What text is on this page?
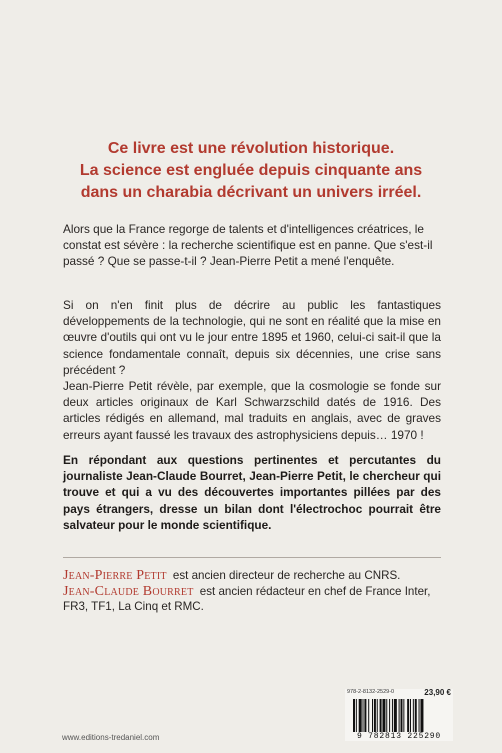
Ce livre est une révolution historique.
La science est engluée depuis cinquante ans
dans un charabia décrivant un univers irréel.

Alors que la France regorge de talents et d'intelligences créatrices, le constat est sévère : la recherche scientifique est en panne. Que s'est-il passé ? Que se passe-t-il ? Jean-Pierre Petit a mené l'enquête.

Si on n'en finit plus de décrire au public les fantastiques développements de la technologie, qui ne sont en réalité que la mise en œuvre d'outils qui ont vu le jour entre 1895 et 1960, celui-ci sait-il que la science fondamentale connaît, depuis six décennies, une crise sans précédent ?

Jean-Pierre Petit révèle, par exemple, que la cosmologie se fonde sur deux articles originaux de Karl Schwarzschild datés de 1916. Des articles rédigés en allemand, mal traduits en anglais, avec de graves erreurs ayant faussé les travaux des astrophysiciens depuis… 1970 !

En répondant aux questions pertinentes et percutantes du journaliste Jean-Claude Bourret, Jean-Pierre Petit, le chercheur qui trouve et qui a vu des découvertes importantes pillées par des pays étrangers, dresse un bilan dont l'électrochoc pourrait être salvateur pour le monde scientifique.

Jean-Pierre Petit est ancien directeur de recherche au CNRS.
Jean-Claude Bourret est ancien rédacteur en chef de France Inter, FR3, TF1, La Cinq et RMC.
978-2-8132-2529-0	23,90 €
9 782813 225290
www.editions-tredaniel.com
